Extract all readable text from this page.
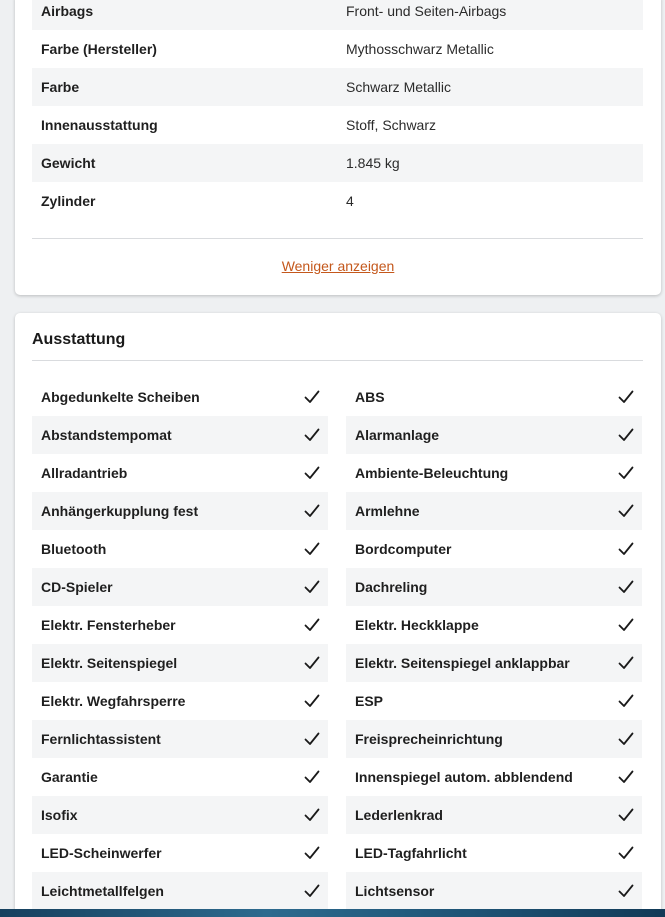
Airbags	Front- und Seiten-Airbags
Farbe (Hersteller)	Mythosschwarz Metallic
Farbe	Schwarz Metallic
Innenausstattung	Stoff, Schwarz
Gewicht	1.845 kg
Zylinder	4
Weniger anzeigen
Ausstattung
Abgedunkelte Scheiben	ABS
Abstandstempomat	Alarmanlage
Allradantrieb	Ambiente-Beleuchtung
Anhängerkupplung fest	Armlehne
Bluetooth	Bordcomputer
CD-Spieler	Dachreling
Elektr. Fensterheber	Elektr. Heckklappe
Elektr. Seitenspiegel	Elektr. Seitenspiegel anklappbar
Elektr. Wegfahrsperre	ESP
Fernlichtassistent	Freisprecheinrichtung
Garantie	Innenspiegel autom. abblendend
Isofix	Lederlenkrad
LED-Scheinwerfer	LED-Tagfahrlicht
Leichtmetallfelgen	Lichtsensor
